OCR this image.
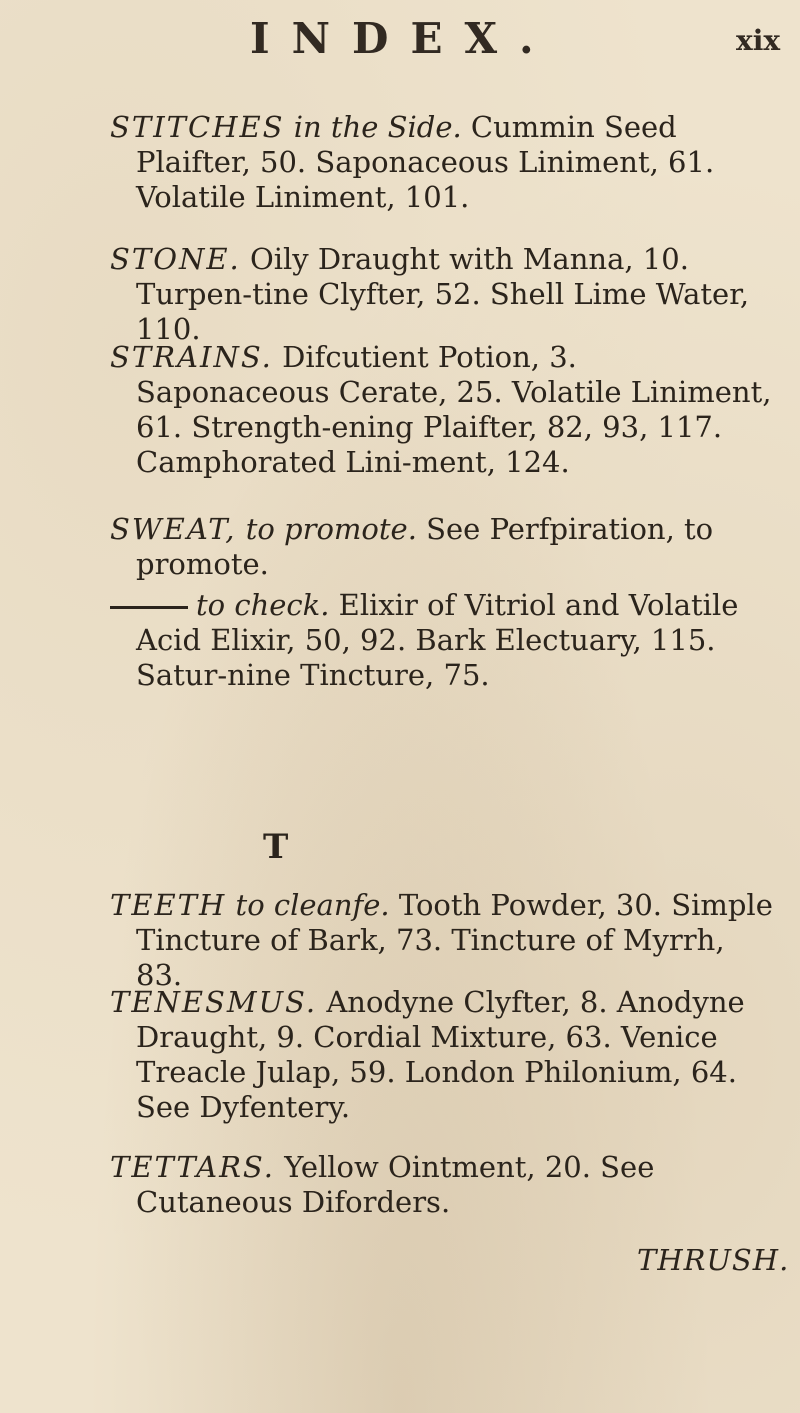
INDEX.	xix
STITCHES in the Side. Cummin Seed Plaifter, 50. Saponaceous Liniment, 61. Volatile Liniment, 101.
STONE. Oily Draught with Manna, 10. Turpen-tine Clyfter, 52. Shell Lime Water, 110.
STRAINS. Difcutient Potion, 3. Saponaceous Cerate, 25. Volatile Liniment, 61. Strength-ening Plaifter, 82, 93, 117. Camphorated Lini-ment, 124.
SWEAT, to promote. See Perfpiration, to promote.
to check. Elixir of Vitriol and Volatile Acid Elixir, 50, 92. Bark Electuary, 115. Satur-nine Tincture, 75.
T
TEETH to cleanfe. Tooth Powder, 30. Simple Tincture of Bark, 73. Tincture of Myrrh, 83.
TENESMUS. Anodyne Clyfter, 8. Anodyne Draught, 9. Cordial Mixture, 63. Venice Treacle Julap, 59. London Philonium, 64. See Dyfentery.
TETTARS. Yellow Ointment, 20. See Cutaneous Diforders.
THRUSH.
